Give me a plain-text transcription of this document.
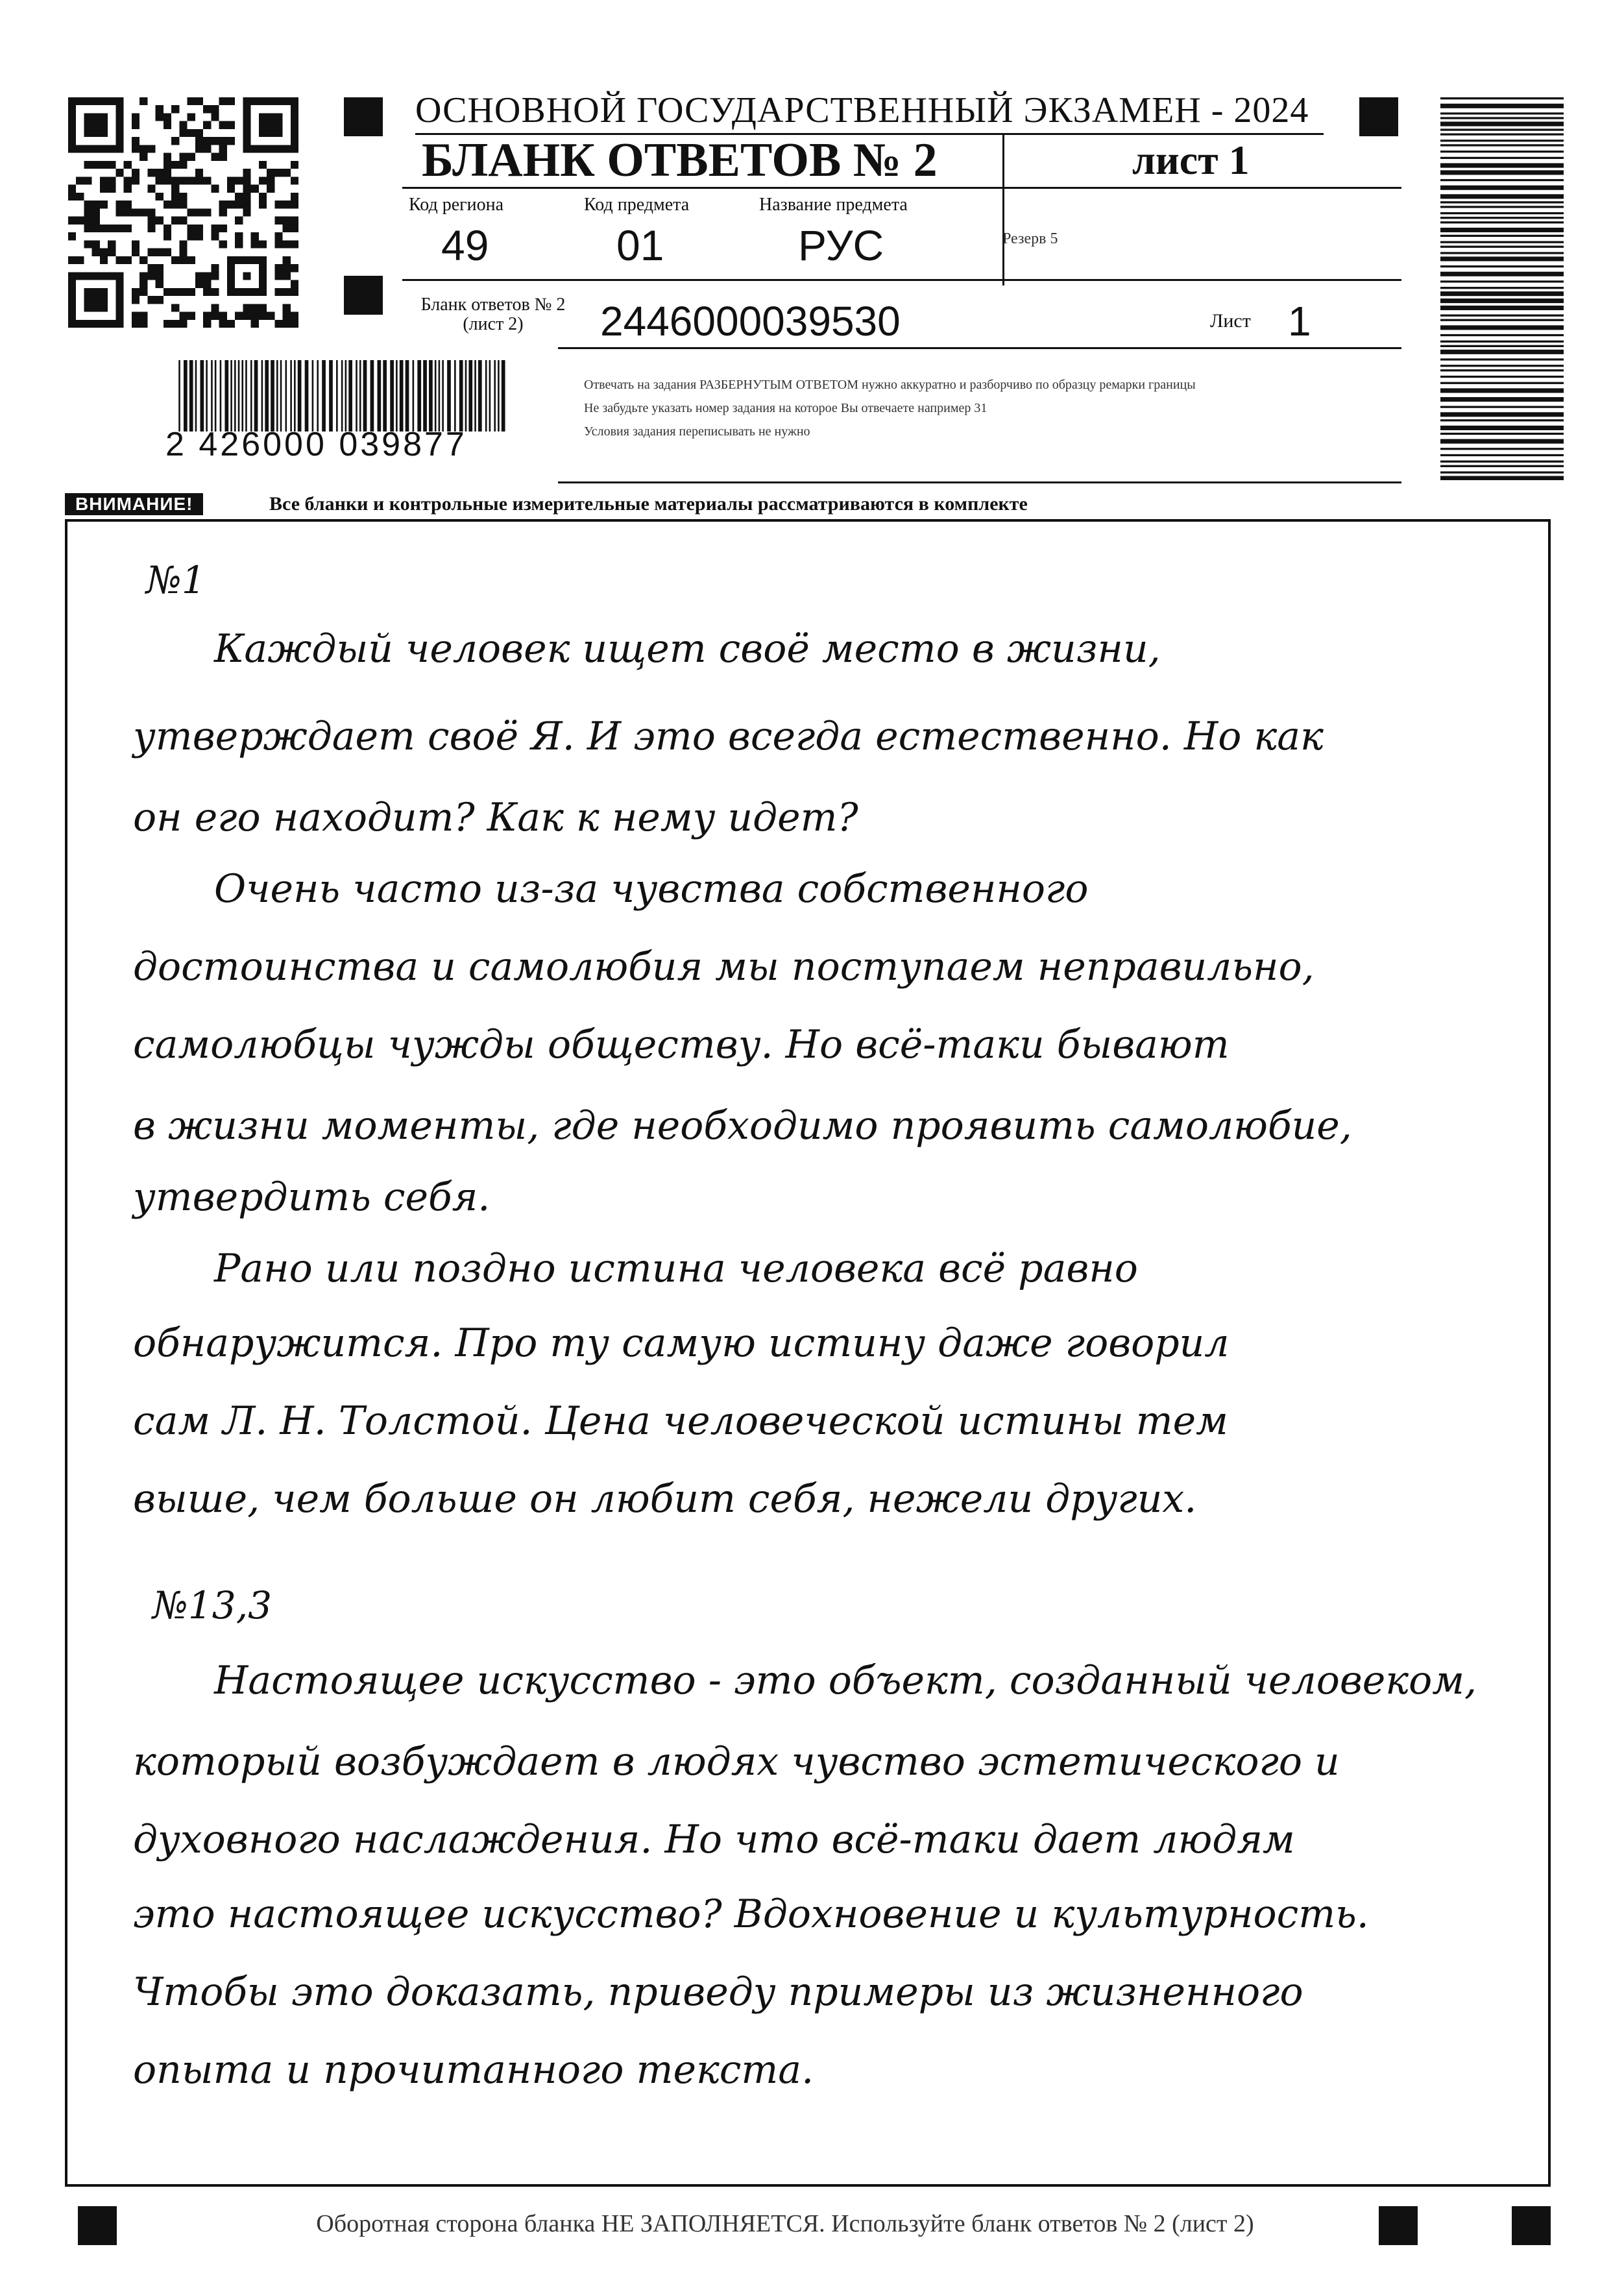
ОСНОВНОЙ ГОСУДАРСТВЕННЫЙ ЭКЗАМЕН - 2024
БЛАНК ОТВЕТОВ № 2	лист 1
Код региона	Код предмета	Название предмета
49	01	РУС	Резерв 5
Бланк ответов № 2
(лист 2)	2446000039530	Лист 1
2 426000 039877
Отвечать на задания РАЗБЕРНУТЫМ ОТВЕТОМ нужно аккуратно и разборчиво по образцу ремарки границы
Не забудьте указать номер задания на которое Вы отвечаете например 31
Условия задания переписывать не нужно
ВНИМАНИЕ!	Все бланки и контрольные измерительные материалы рассматриваются в комплекте
№1
Каждый человек ищет своё место в жизни,
утверждает своё Я. И это всегда естественно. Но как
он его находит? Как к нему идет?
Очень часто из-за чувства собственного
достоинства и самолюбия мы поступаем неправильно,
самолюбцы чужды обществу. Но всё-таки бывают
в жизни моменты, где необходимо проявить самолюбие,
утвердить себя.
Рано или поздно истина человека всё равно
обнаружится. Про ту самую истину даже говорил
сам Л. Н. Толстой. Цена человеческой истины тем
выше, чем больше он любит себя, нежели других.
№13,3
Настоящее искусство - это объект, созданный человеком,
который возбуждает в людях чувство эстетического и
духовного наслаждения. Но что всё-таки дает людям
это настоящее искусство? Вдохновение и культурность.
Чтобы это доказать, приведу примеры из жизненного
опыта и прочитанного текста.
Оборотная сторона бланка НЕ ЗАПОЛНЯЕТСЯ. Используйте бланк ответов № 2 (лист 2)
